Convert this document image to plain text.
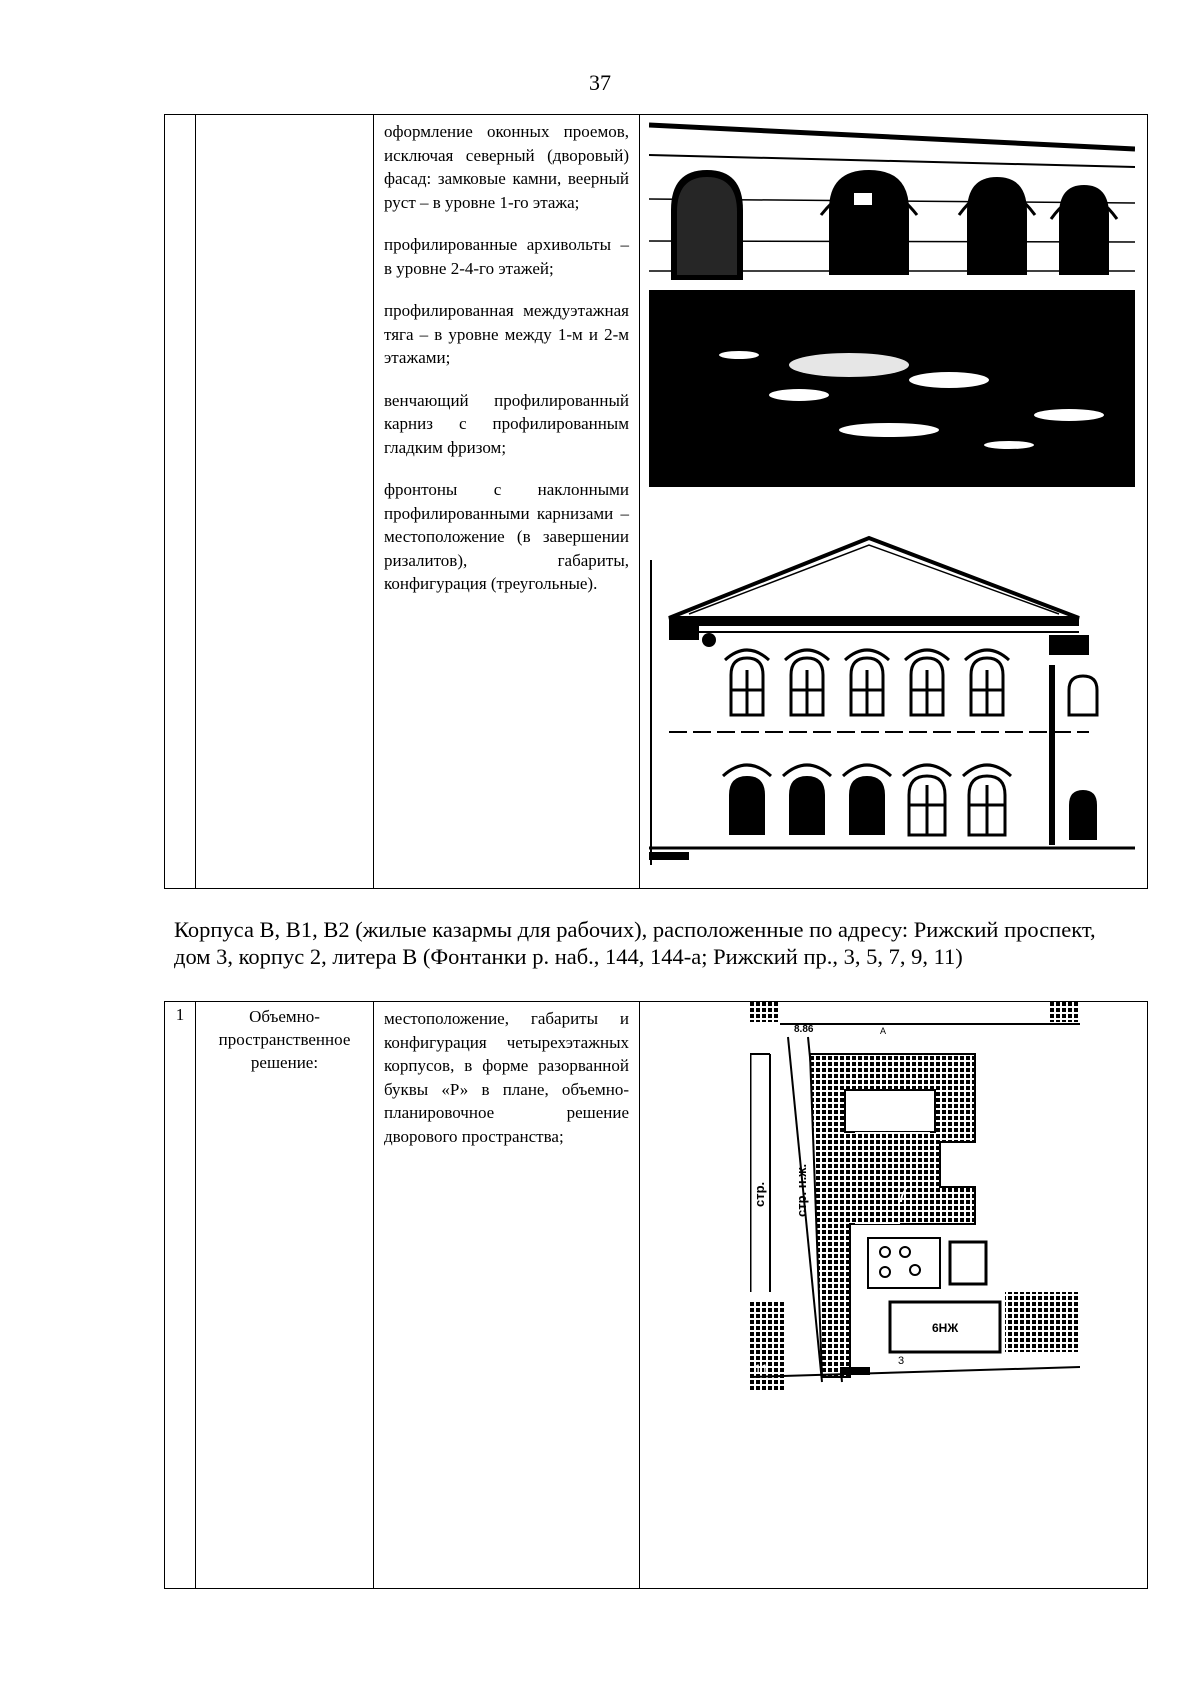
37

оформление оконных проемов, исключая северный (дворовый) фасад: замковые камни, веерный руст – в уровне 1-го этажа;

профилированные архивольты – в уровне 2-4-го этажей;

профилированная междуэтажная тяга – в уровне между 1-м и 2-м этажами;

венчающий профилированный карниз с профилированным гладким фризом;

фронтоны с наклонными профилированными карнизами – местоположение (в завершении ризалитов), габариты, конфигурация (треугольные).

Корпуса В, В1, В2 (жилые казармы для рабочих), расположенные по адресу: Рижский проспект, дом 3, корпус 2, литера В (Фонтанки р. наб., 144, 144-а; Рижский пр., 3, 5, 7, 9, 11)
1	Объемно-пространственное решение:

местоположение, габариты и конфигурация четырехэтажных корпусов, в форме разорванной буквы «Р» в плане, объемно-планировочное решение дворового пространства;

8.86	А
стр. стр. н.ж.	7
6НЖ
11	3
